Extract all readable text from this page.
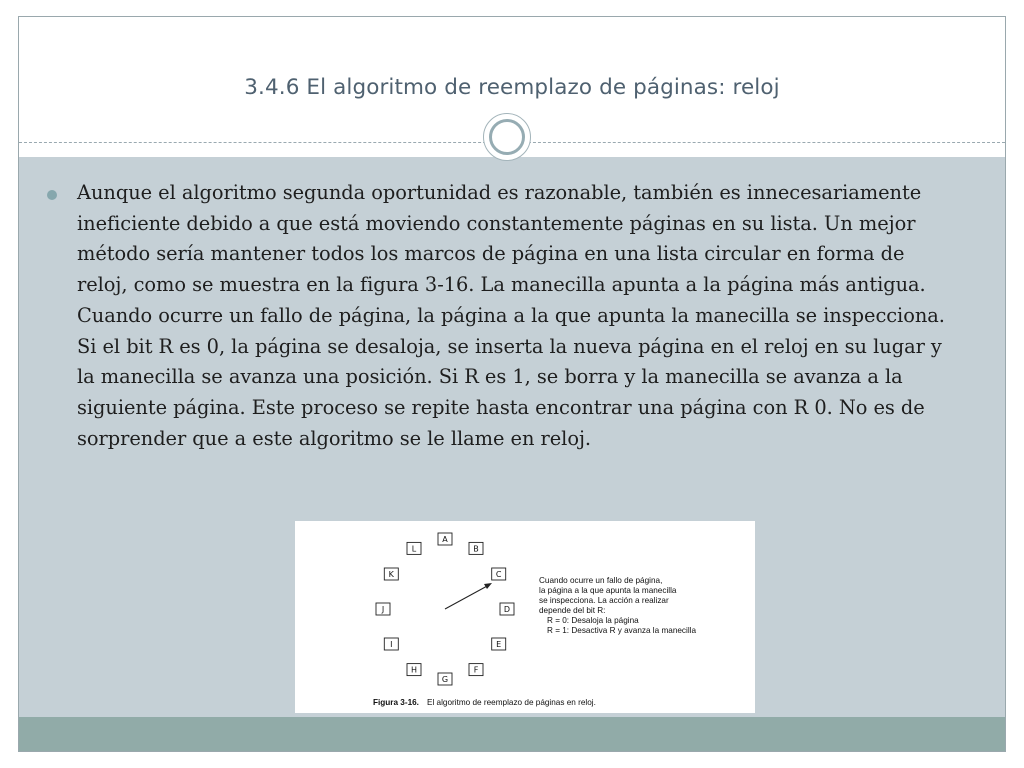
3.4.6 El algoritmo de reemplazo de páginas: reloj

Aunque el algoritmo segunda oportunidad es razonable, también es innecesariamente ineficiente debido a que está moviendo constantemente páginas en su lista. Un mejor método sería mantener todos los marcos de página en una lista circular en forma de reloj, como se muestra en la figura 3-16. La manecilla apunta a la página más antigua. Cuando ocurre un fallo de página, la página a la que apunta la manecilla se inspecciona. Si el bit R es 0, la página se desaloja, se inserta la nueva página en el reloj en su lugar y la manecilla se avanza una posición. Si R es 1, se borra y la manecilla se avanza a la siguiente página. Este proceso se repite hasta encontrar una página con R 0. No es de sorprender que a este algoritmo se le llame en reloj.

A
B
C
D
E
F
G
H
I
J
K
L
Cuando ocurre un fallo de página,
la página a la que apunta la manecilla
se inspecciona. La acción a realizar
depende del bit R:
R = 0: Desaloja la página
R = 1: Desactiva R y avanza la manecilla
Figura 3-16. El algoritmo de reemplazo de páginas en reloj.
